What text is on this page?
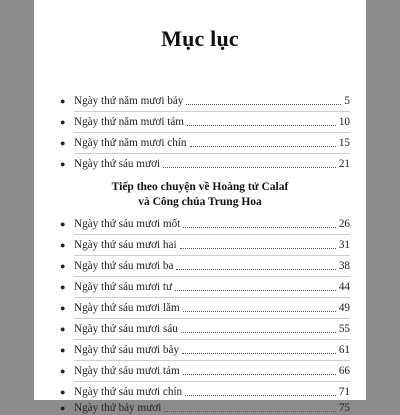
Mục lục
● Ngày thứ năm mươi bảy	5
● Ngày thứ năm mươi tám	10
● Ngày thứ năm mươi chín	15
● Ngày thứ sáu mươi	21
Tiếp theo chuyện về Hoàng tử Calaf
và Công chúa Trung Hoa
● Ngày thứ sáu mươi mốt	26
● Ngày thứ sáu mươi hai	31
● Ngày thứ sáu mươi ba	38
● Ngày thứ sáu mươi tư	44
● Ngày thứ sáu mươi lăm	49
● Ngày thứ sáu mươi sáu	55
● Ngày thứ sáu mươi bảy	61
● Ngày thứ sáu mươi tám	66
● Ngày thứ sáu mươi chín	71
● Ngày thứ bảy mươi	75
